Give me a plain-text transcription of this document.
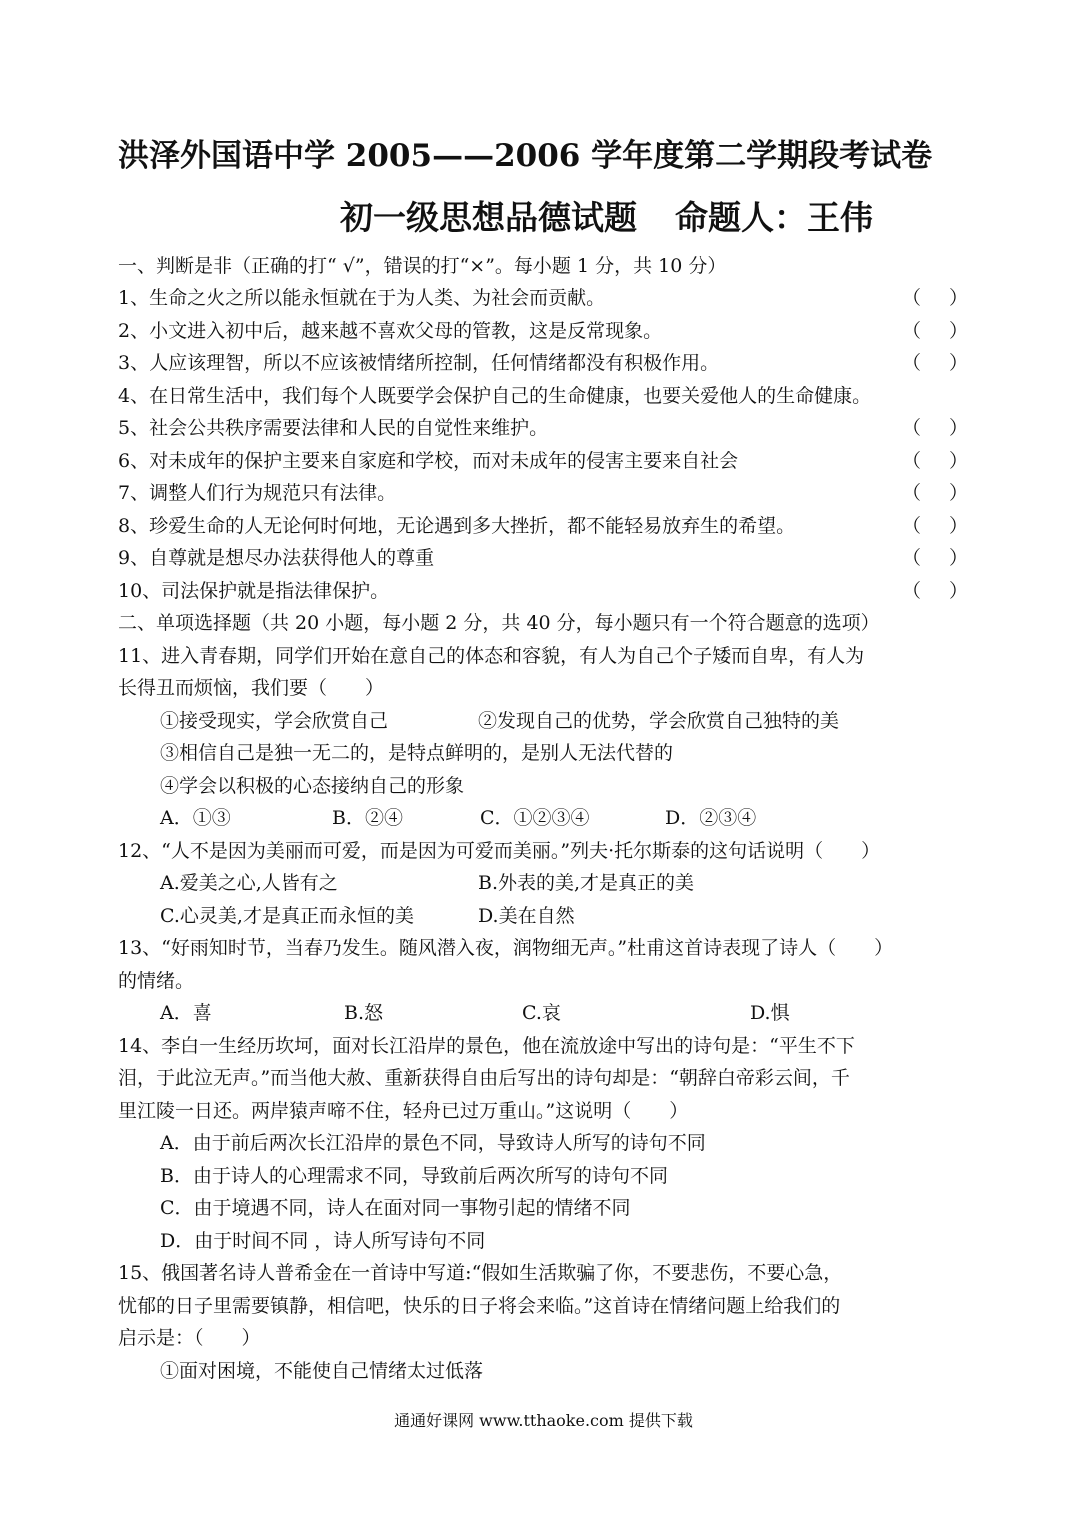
洪泽外国语中学 2005——2006 学年度第二学期段考试卷
初一级思想品德试题 命题人：王伟
一、判断是非（正确的打“ √”，错误的打“×”。每小题 1 分，共 10 分）
1、生命之火之所以能永恒就在于为人类、为社会而贡献。	（ ）
2、小文进入初中后，越来越不喜欢父母的管教，这是反常现象。	（ ）
3、人应该理智，所以不应该被情绪所控制，任何情绪都没有积极作用。	（ ）
4、在日常生活中，我们每个人既要学会保护自己的生命健康，也要关爱他人的生命健康。
5、社会公共秩序需要法律和人民的自觉性来维护。	（ ）
6、对未成年的保护主要来自家庭和学校，而对未成年的侵害主要来自社会	（ ）
7、调整人们行为规范只有法律。	（ ）
8、珍爱生命的人无论何时何地，无论遇到多大挫折，都不能轻易放弃生的希望。	（ ）
9、自尊就是想尽办法获得他人的尊重	（ ）
10、司法保护就是指法律保护。	（ ）
二、单项选择题（共 20 小题，每小题 2 分，共 40 分，每小题只有一个符合题意的选项）
11、进入青春期，同学们开始在意自己的体态和容貌，有人为自己个子矮而自卑，有人为
长得丑而烦恼，我们要（　　）
①接受现实，学会欣赏自己	②发现自己的优势，学会欣赏自己独特的美
③相信自己是独一无二的，是特点鲜明的，是别人无法代替的
④学会以积极的心态接纳自己的形象
A．①③	B．②④	C．①②③④	D．②③④
12、“人不是因为美丽而可爱，而是因为可爱而美丽。”列夫·托尔斯泰的这句话说明（　　）
A.爱美之心,人皆有之	B.外表的美,才是真正的美
C.心灵美,才是真正而永恒的美	D.美在自然
13、“好雨知时节，当春乃发生。随风潜入夜，润物细无声。”杜甫这首诗表现了诗人（　　）
的情绪。
A．喜	B.怒	C.哀	D.惧
14、李白一生经历坎坷，面对长江沿岸的景色，他在流放途中写出的诗句是：“平生不下
泪，于此泣无声。”而当他大赦、重新获得自由后写出的诗句却是：“朝辞白帝彩云间，千
里江陵一日还。两岸猿声啼不住，轻舟已过万重山。”这说明（　　）
A．由于前后两次长江沿岸的景色不同，导致诗人所写的诗句不同
B．由于诗人的心理需求不同，导致前后两次所写的诗句不同
C．由于境遇不同，诗人在面对同一事物引起的情绪不同
D．由于时间不同 ，诗人所写诗句不同
15、俄国著名诗人普希金在一首诗中写道:“假如生活欺骗了你，不要悲伤，不要心急，
忧郁的日子里需要镇静，相信吧，快乐的日子将会来临。”这首诗在情绪问题上给我们的
启示是：（　　）
①面对困境，不能使自己情绪太过低落
通通好课网 www.tthaoke.com 提供下载
